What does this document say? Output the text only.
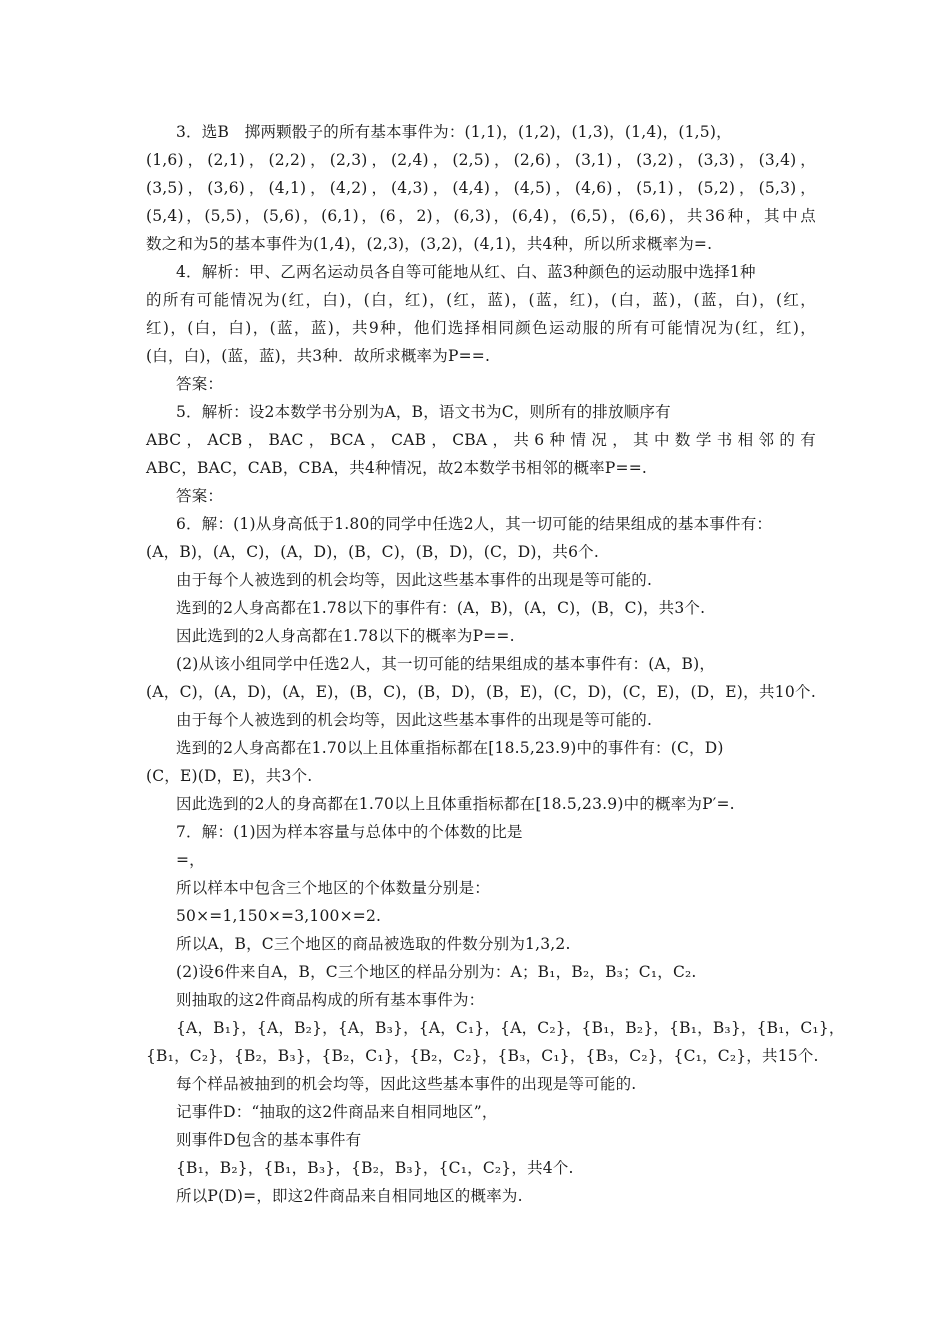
3．选B　掷两颗骰子的所有基本事件为：(1,1)，(1,2)，(1,3)，(1,4)，(1,5)，
(1,6)，(2,1)，(2,2)，(2,3)，(2,4)，(2,5)，(2,6)，(3,1)，(3,2)，(3,3)，(3,4)，
(3,5)，(3,6)，(4,1)，(4,2)，(4,3)，(4,4)，(4,5)，(4,6)，(5,1)，(5,2)，(5,3)，
(5,4)，(5,5)，(5,6)，(6,1)，(6，2)，(6,3)，(6,4)，(6,5)，(6,6)，共36种，其中点
数之和为5的基本事件为(1,4)，(2,3)，(3,2)，(4,1)，共4种，所以所求概率为=.
4．解析：甲、乙两名运动员各自等可能地从红、白、蓝3种颜色的运动服中选择1种
的所有可能情况为(红，白)，(白，红)，(红，蓝)，(蓝，红)，(白，蓝)，(蓝，白)，(红，
红)，(白，白)，(蓝，蓝)，共9种，他们选择相同颜色运动服的所有可能情况为(红，红)，
(白，白)，(蓝，蓝)，共3种．故所求概率为P==.
答案：
5．解析：设2本数学书分别为A，B，语文书为C，则所有的排放顺序有
ABC，ACB，BAC，BCA，CAB，CBA，共6种情况，其中数学书相邻的有
ABC，BAC，CAB，CBA，共4种情况，故2本数学书相邻的概率P==.
答案：
6．解：(1)从身高低于1.80的同学中任选2人，其一切可能的结果组成的基本事件有：
(A，B)，(A，C)，(A，D)，(B，C)，(B，D)，(C，D)，共6个.
由于每个人被选到的机会均等，因此这些基本事件的出现是等可能的.
选到的2人身高都在1.78以下的事件有：(A，B)，(A，C)，(B，C)，共3个.
因此选到的2人身高都在1.78以下的概率为P==.
(2)从该小组同学中任选2人，其一切可能的结果组成的基本事件有：(A，B)，
(A，C)，(A，D)，(A，E)，(B，C)，(B，D)，(B，E)，(C，D)，(C，E)，(D，E)，共10个.
由于每个人被选到的机会均等，因此这些基本事件的出现是等可能的.
选到的2人身高都在1.70以上且体重指标都在[18.5,23.9)中的事件有：(C，D)
(C，E)(D，E)，共3个.
因此选到的2人的身高都在1.70以上且体重指标都在[18.5,23.9)中的概率为P′=.
7．解：(1)因为样本容量与总体中的个体数的比是
=，
所以样本中包含三个地区的个体数量分别是：
50×=1,150×=3,100×=2.
所以A，B，C三个地区的商品被选取的件数分别为1,3,2.
(2)设6件来自A，B，C三个地区的样品分别为：A；B₁，B₂，B₃；C₁，C₂.
则抽取的这2件商品构成的所有基本事件为：
{A，B₁}，{A，B₂}，{A，B₃}，{A，C₁}，{A，C₂}，{B₁，B₂}，{B₁，B₃}，{B₁，C₁}，
{B₁，C₂}，{B₂，B₃}，{B₂，C₁}，{B₂，C₂}，{B₃，C₁}，{B₃，C₂}，{C₁，C₂}，共15个.
每个样品被抽到的机会均等，因此这些基本事件的出现是等可能的.
记事件D：“抽取的这2件商品来自相同地区”，
则事件D包含的基本事件有
{B₁，B₂}，{B₁，B₃}，{B₂，B₃}，{C₁，C₂}，共4个.
所以P(D)=，即这2件商品来自相同地区的概率为.
